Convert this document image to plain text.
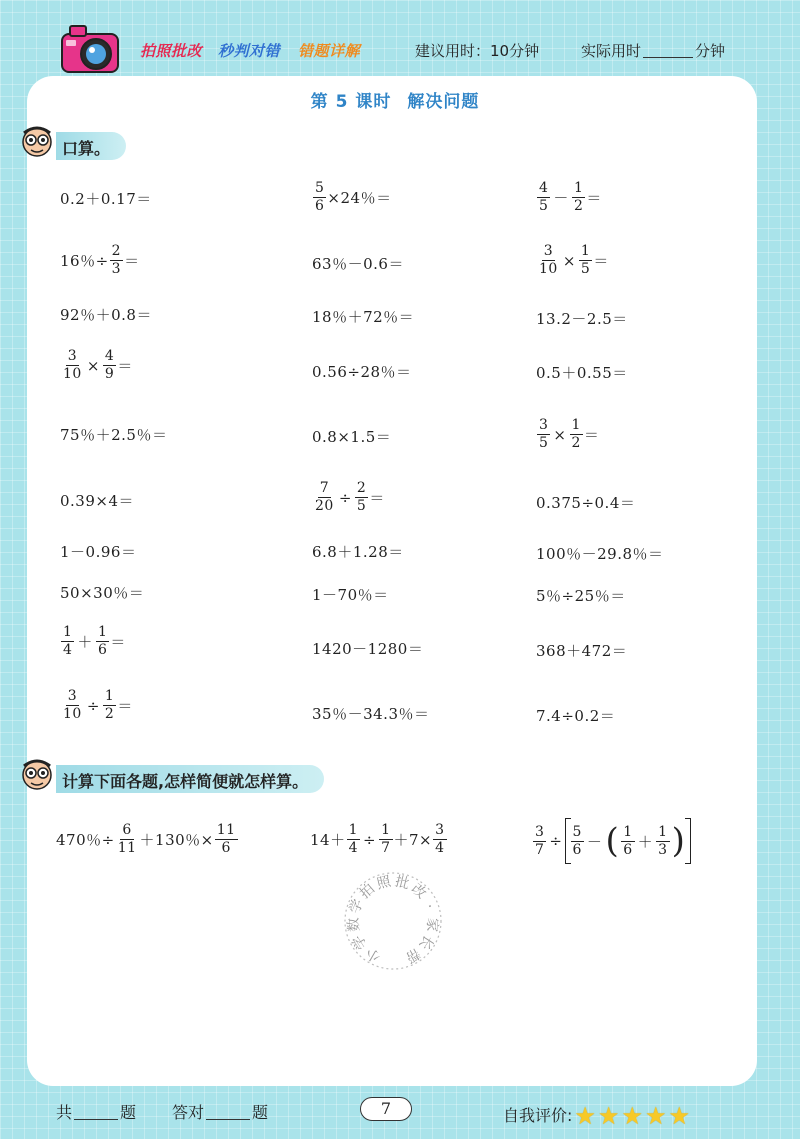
拍照批改 秒判对错 错题详解	建议用时：10分钟	实际用时	分钟
第 5 课时 解决问题
口算。
0.2＋0.17＝	$\frac{5}{6} \times 24$％＝	$\frac{4}{5} - \frac{1}{2}$ ＝
16％÷ $\frac{2}{3}$ ＝	63％－0.6＝	$\frac{3}{10} \times \frac{1}{5}$ ＝
92％＋0.8＝	18％＋72％＝	13.2－2.5＝
$\frac{3}{10} \times \frac{4}{9}$ ＝	0.56÷28％＝	0.5＋0.55＝
75％＋2.5％＝	0.8×1.5＝	$\frac{3}{5} \times \frac{1}{2}$ ＝
0.39×4＝	$\frac{7}{20} \div \frac{2}{5}$ ＝	0.375÷0.4＝
1－0.96＝	6.8＋1.28＝	100％－29.8％＝
50×30％＝	1－70％＝	5％÷25％＝
$\frac{1}{4} + \frac{1}{6}$ ＝	1420－1280＝	368＋472＝
$\frac{3}{10} \div \frac{1}{2}$ ＝	35％－34.3％＝	7.4÷0.2＝
计算下面各题,怎样简便就怎样算。
470％÷ $\frac{6}{11} +130$％× $\frac{11}{6}$	$14+ \frac{1}{4} \div \frac{1}{7} +7\times \frac{3}{4}$	$\frac{3}{7} \div \frac{5}{6}$ － ( $\frac{1}{6} + \frac{1}{3}$ )
小
学
数
学
拍
照 批
改
·
家
长
帮
共	题 答对	题	7	自我评价:★★★★★
